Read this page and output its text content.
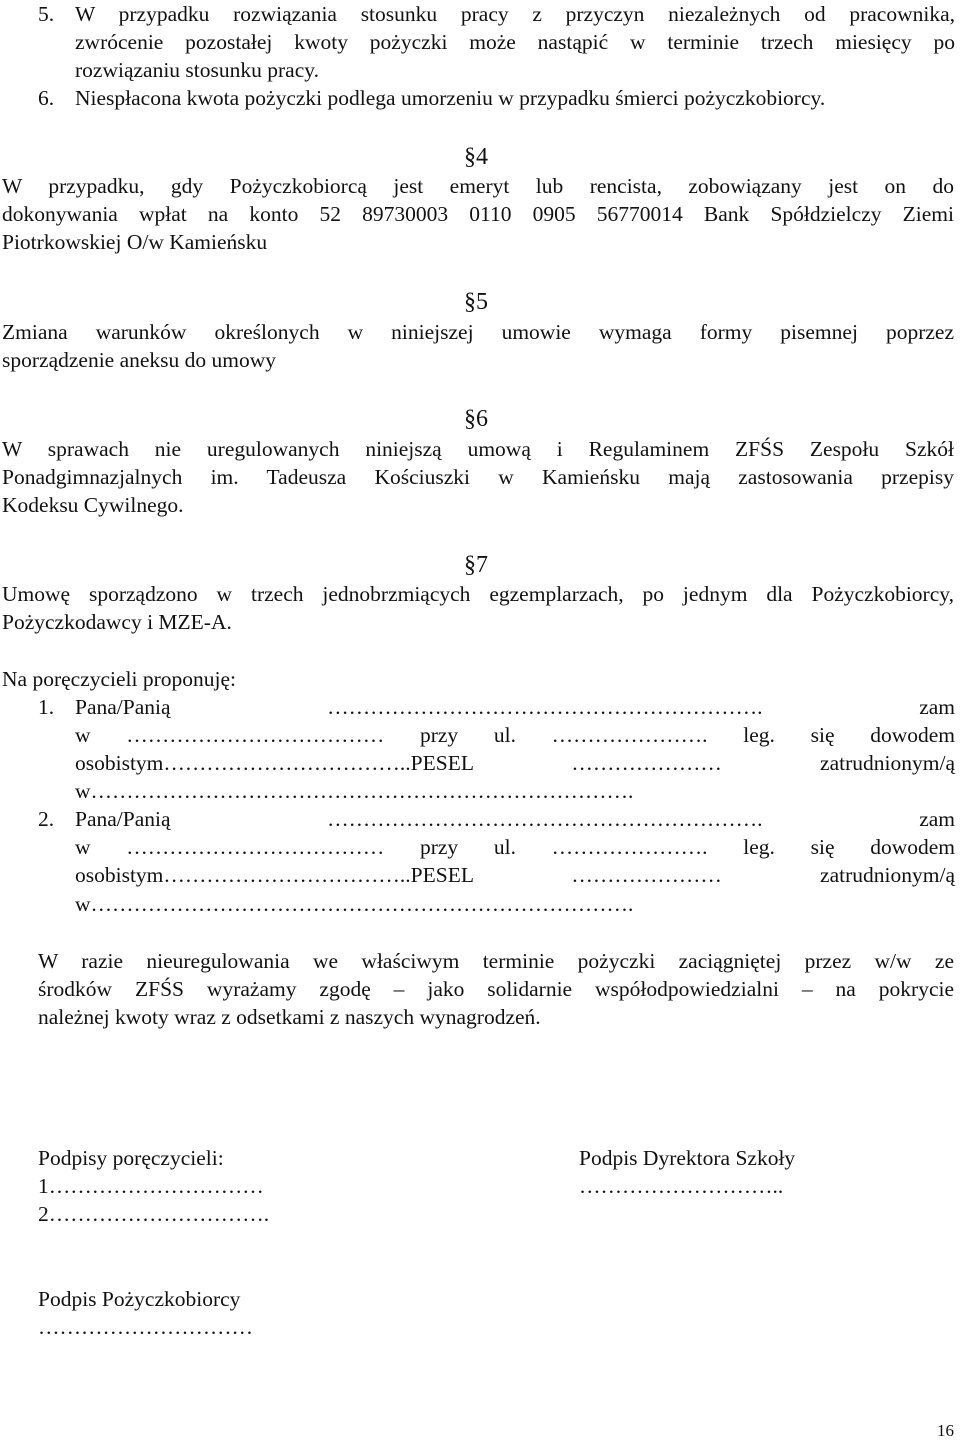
5. W przypadku rozwiązania stosunku pracy z przyczyn niezależnych od pracownika,
zwrócenie pozostałej kwoty pożyczki może nastąpić w terminie trzech miesięcy po
rozwiązaniu stosunku pracy.
6. Niespłacona kwota pożyczki podlega umorzeniu w przypadku śmierci pożyczkobiorcy.
§4
W przypadku, gdy Pożyczkobiorcą jest emeryt lub rencista, zobowiązany jest on do
dokonywania wpłat na konto 52 89730003 0110 0905 56770014 Bank Spółdzielczy Ziemi
Piotrkowskiej O/w Kamieńsku
§5
Zmiana warunków określonych w niniejszej umowie wymaga formy pisemnej poprzez
sporządzenie aneksu do umowy
§6
W sprawach nie uregulowanych niniejszą umową i Regulaminem ZFŚS Zespołu Szkół
Ponadgimnazjalnych im. Tadeusza Kościuszki w Kamieńsku mają zastosowania przepisy
Kodeksu Cywilnego.
§7
Umowę sporządzono w trzech jednobrzmiących egzemplarzach, po jednym dla Pożyczkobiorcy,
Pożyczkodawcy i MZE-A.
Na poręczycieli proponuję:
1. Pana/Panią ……………………………………………………. zam
w ……………………………… przy ul. …………………. leg. się dowodem
osobistym……………………………..PESEL ………………… zatrudnionym/ą
w………………………………………………………………….
2. Pana/Panią ……………………………………………………. zam
w ……………………………… przy ul. …………………. leg. się dowodem
osobistym……………………………..PESEL ………………… zatrudnionym/ą
w………………………………………………………………….
W razie nieuregulowania we właściwym terminie pożyczki zaciągniętej przez w/w ze
środków ZFŚS wyrażamy zgodę – jako solidarnie współodpowiedzialni – na pokrycie
należnej kwoty wraz z odsetkami z naszych wynagrodzeń.
Podpisy poręczycieli:
1…………………………
2………………………….
Podpis Dyrektora Szkoły
………………………..
Podpis Pożyczkobiorcy
…………………………
16
